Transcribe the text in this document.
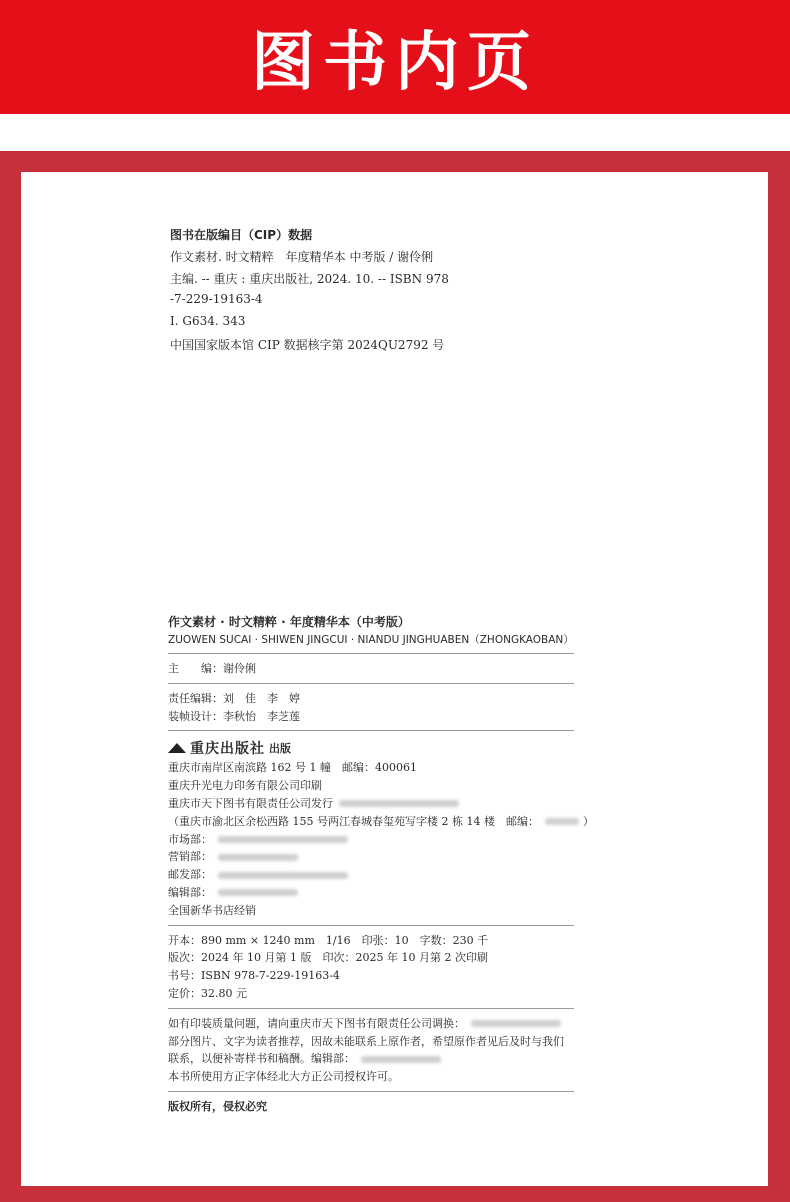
图书内页
图书在版编目（CIP）数据
作文素材. 时文精粹　年度精华本 中考版 / 谢伶俐
主编. -- 重庆 : 重庆出版社, 2024. 10. -- ISBN 978
-7-229-19163-4
Ⅰ. G634. 343
中国国家版本馆 CIP 数据核字第 2024QU2792 号
作文素材 · 时文精粹 · 年度精华本（中考版）
ZUOWEN SUCAI · SHIWEN JINGCUI · NIANDU JINGHUABEN（ZHONGKAOBAN）
主　　编：谢伶俐
责任编辑：刘　佳　李　婷
装帧设计：李秋怡　李芝莲
重庆出版社 出版
重庆市南岸区南滨路 162 号 1 幢　邮编：400061
重庆升光电力印务有限公司印刷
重庆市天下图书有限责任公司发行
（重庆市渝北区余松西路 155 号两江春城春玺苑写字楼 2 栋 14 楼　邮编：	）
市场部：
营销部：
邮发部：
编辑部：
全国新华书店经销
开本：890 mm × 1240 mm　1/16　印张：10　字数：230 千
版次：2024 年 10 月第 1 版　印次：2025 年 10 月第 2 次印刷
书号：ISBN 978-7-229-19163-4
定价：32.80 元
如有印装质量问题，请向重庆市天下图书有限责任公司调换：
部分图片、文字为读者推荐，因故未能联系上原作者，希望原作者见后及时与我们
联系，以便补寄样书和稿酬。编辑部：
本书所使用方正字体经北大方正公司授权许可。
版权所有，侵权必究
